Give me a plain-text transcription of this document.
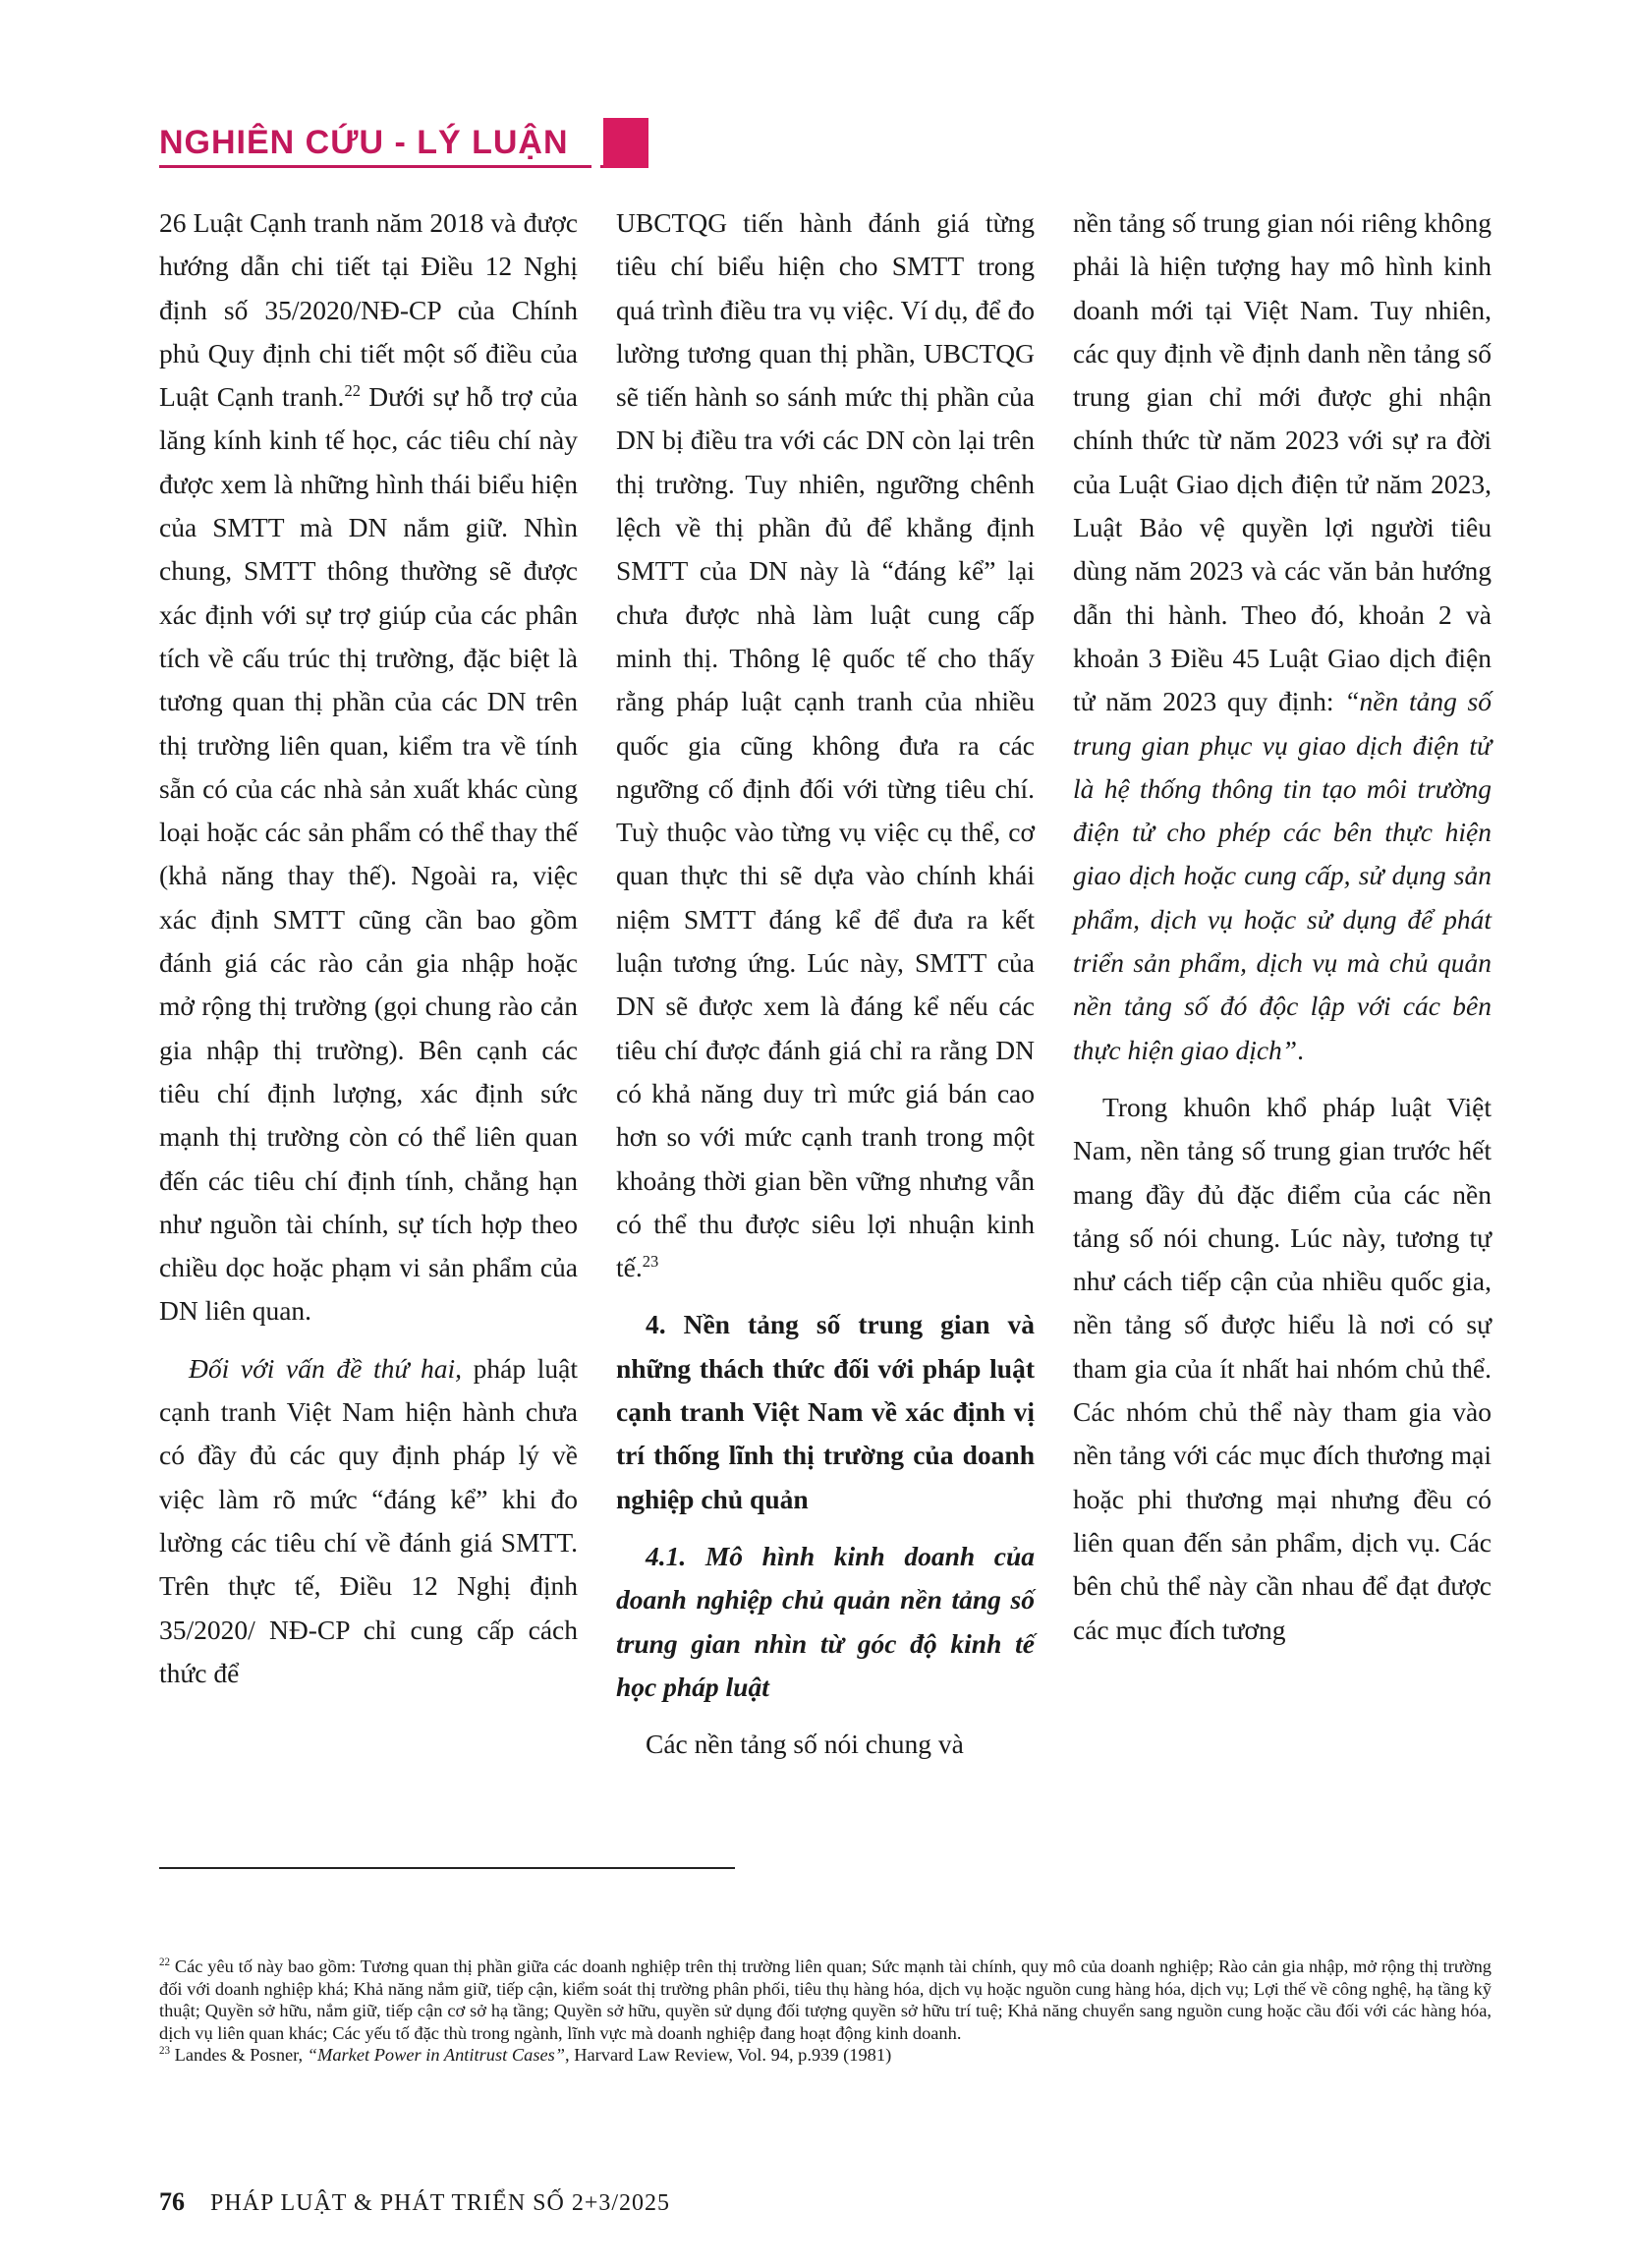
NGHIÊN CỨU - LÝ LUẬN

26 Luật Cạnh tranh năm 2018 và được hướng dẫn chi tiết tại Điều 12 Nghị định số 35/2020/NĐ-CP của Chính phủ Quy định chi tiết một số điều của Luật Cạnh tranh.$^{22}$ Dưới sự hỗ trợ của lăng kính kinh tế học, các tiêu chí này được xem là những hình thái biểu hiện của SMTT mà DN nắm giữ. Nhìn chung, SMTT thông thường sẽ được xác định với sự trợ giúp của các phân tích về cấu trúc thị trường, đặc biệt là tương quan thị phần của các DN trên thị trường liên quan, kiểm tra về tính sẵn có của các nhà sản xuất khác cùng loại hoặc các sản phẩm có thể thay thế (khả năng thay thế). Ngoài ra, việc xác định SMTT cũng cần bao gồm đánh giá các rào cản gia nhập hoặc mở rộng thị trường (gọi chung rào cản gia nhập thị trường). Bên cạnh các tiêu chí định lượng, xác định sức mạnh thị trường còn có thể liên quan đến các tiêu chí định tính, chẳng hạn như nguồn tài chính, sự tích hợp theo chiều dọc hoặc phạm vi sản phẩm của DN liên quan.

Đối với vấn đề thứ hai, pháp luật cạnh tranh Việt Nam hiện hành chưa có đầy đủ các quy định pháp lý về việc làm rõ mức “đáng kể” khi đo lường các tiêu chí về đánh giá SMTT. Trên thực tế, Điều 12 Nghị định 35/2020/ NĐ-CP chỉ cung cấp cách thức để

UBCTQG tiến hành đánh giá từng tiêu chí biểu hiện cho SMTT trong quá trình điều tra vụ việc. Ví dụ, để đo lường tương quan thị phần, UBCTQG sẽ tiến hành so sánh mức thị phần của DN bị điều tra với các DN còn lại trên thị trường. Tuy nhiên, ngưỡng chênh lệch về thị phần đủ để khẳng định SMTT của DN này là “đáng kể” lại chưa được nhà làm luật cung cấp minh thị. Thông lệ quốc tế cho thấy rằng pháp luật cạnh tranh của nhiều quốc gia cũng không đưa ra các ngưỡng cố định đối với từng tiêu chí. Tuỳ thuộc vào từng vụ việc cụ thể, cơ quan thực thi sẽ dựa vào chính khái niệm SMTT đáng kể để đưa ra kết luận tương ứng. Lúc này, SMTT của DN sẽ được xem là đáng kể nếu các tiêu chí được đánh giá chỉ ra rằng DN có khả năng duy trì mức giá bán cao hơn so với mức cạnh tranh trong một khoảng thời gian bền vững nhưng vẫn có thể thu được siêu lợi nhuận kinh tế.$^{23}$

4. Nền tảng số trung gian và những thách thức đối với pháp luật cạnh tranh Việt Nam về xác định vị trí thống lĩnh thị trường của doanh nghiệp chủ quản

4.1. Mô hình kinh doanh của doanh nghiệp chủ quản nền tảng số trung gian nhìn từ góc độ kinh tế học pháp luật

Các nền tảng số nói chung và

nền tảng số trung gian nói riêng không phải là hiện tượng hay mô hình kinh doanh mới tại Việt Nam. Tuy nhiên, các quy định về định danh nền tảng số trung gian chỉ mới được ghi nhận chính thức từ năm 2023 với sự ra đời của Luật Giao dịch điện tử năm 2023, Luật Bảo vệ quyền lợi người tiêu dùng năm 2023 và các văn bản hướng dẫn thi hành. Theo đó, khoản 2 và khoản 3 Điều 45 Luật Giao dịch điện tử năm 2023 quy định: “nền tảng số trung gian phục vụ giao dịch điện tử là hệ thống thông tin tạo môi trường điện tử cho phép các bên thực hiện giao dịch hoặc cung cấp, sử dụng sản phẩm, dịch vụ hoặc sử dụng để phát triển sản phẩm, dịch vụ mà chủ quản nền tảng số đó độc lập với các bên thực hiện giao dịch”.

Trong khuôn khổ pháp luật Việt Nam, nền tảng số trung gian trước hết mang đầy đủ đặc điểm của các nền tảng số nói chung. Lúc này, tương tự như cách tiếp cận của nhiều quốc gia, nền tảng số được hiểu là nơi có sự tham gia của ít nhất hai nhóm chủ thể. Các nhóm chủ thể này tham gia vào nền tảng với các mục đích thương mại hoặc phi thương mại nhưng đều có liên quan đến sản phẩm, dịch vụ. Các bên chủ thể này cần nhau để đạt được các mục đích tương

$^{22}$ Các yêu tố này bao gồm: Tương quan thị phần giữa các doanh nghiệp trên thị trường liên quan; Sức mạnh tài chính, quy mô của doanh nghiệp; Rào cản gia nhập, mở rộng thị trường đối với doanh nghiệp khá; Khả năng nắm giữ, tiếp cận, kiểm soát thị trường phân phối, tiêu thụ hàng hóa, dịch vụ hoặc nguồn cung hàng hóa, dịch vụ; Lợi thế về công nghệ, hạ tầng kỹ thuật; Quyền sở hữu, nắm giữ, tiếp cận cơ sở hạ tầng; Quyền sở hữu, quyền sử dụng đối tượng quyền sở hữu trí tuệ; Khả năng chuyển sang nguồn cung hoặc cầu đối với các hàng hóa, dịch vụ liên quan khác; Các yếu tố đặc thù trong ngành, lĩnh vực mà doanh nghiệp đang hoạt động kinh doanh.

$^{23}$ Landes & Posner, “Market Power in Antitrust Cases”, Harvard Law Review, Vol. 94, p.939 (1981)

76 PHÁP LUẬT & PHÁT TRIỂN SỐ 2+3/2025
